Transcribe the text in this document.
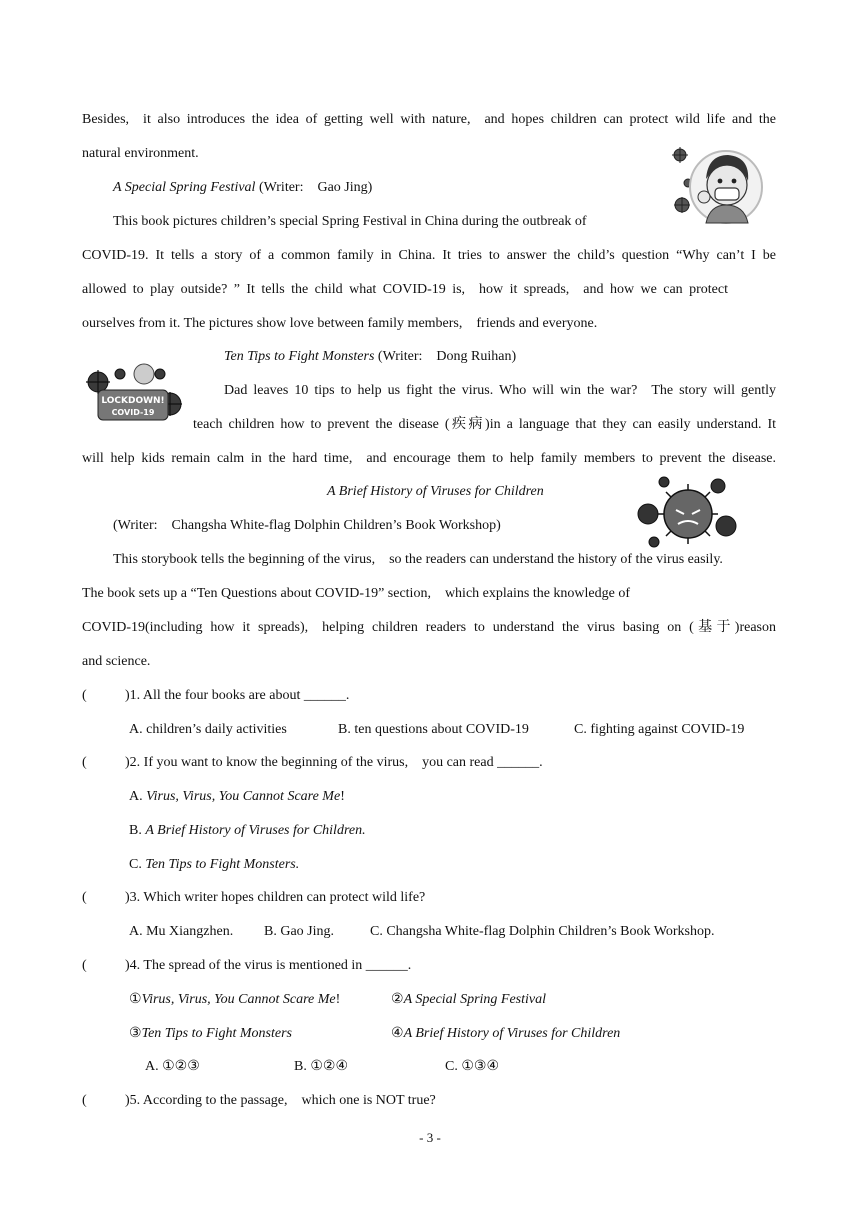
Besides, it also introduces the idea of getting well with nature, and hopes children can protect wild life and the
natural environment.
A Special Spring Festival (Writer: Gao Jing)
This book pictures children’s special Spring Festival in China during the outbreak of
COVID-19. It tells a story of a common family in China. It tries to answer the child’s question “Why can’t I be
allowed to play outside? ” It tells the child what COVID-19 is, how it spreads, and how we can protect
ourselves from it. The pictures show love between family members, friends and everyone.
Ten Tips to Fight Monsters (Writer: Dong Ruihan)
LOCKDOWN!
COVID-19
Dad leaves 10 tips to help us fight the virus. Who will win the war? The story will gently
teach children how to prevent the disease (疾病)in a language that they can easily understand. It
will help kids remain calm in the hard time, and encourage them to help family members to prevent the disease.
A Brief History of Viruses for Children
(Writer: Changsha White-flag Dolphin Children’s Book Workshop)
This storybook tells the beginning of the virus, so the readers can understand the history of the virus easily.
The book sets up a “Ten Questions about COVID-19” section, which explains the knowledge of
COVID-19(including how it spreads), helping children readers to understand the virus basing on (基于)reason
and science.
(	)1. All the four books are about ______.
A. children’s daily activities	B. ten questions about COVID-19	C. fighting against COVID-19
(	)2. If you want to know the beginning of the virus, you can read ______.
A. Virus, Virus, You Cannot Scare Me!
B. A Brief History of Viruses for Children.
C. Ten Tips to Fight Monsters.
(	)3. Which writer hopes children can protect wild life?
A. Mu Xiangzhen. B. Gao Jing.	C. Changsha White-flag Dolphin Children’s Book Workshop.
(	)4. The spread of the virus is mentioned in ______.
①Virus, Virus, You Cannot Scare Me!	②A Special Spring Festival
③Ten Tips to Fight Monsters	④A Brief History of Viruses for Children
A. ①②③	B. ①②④	C. ①③④
(	)5. According to the passage, which one is NOT true?
- 3 -
